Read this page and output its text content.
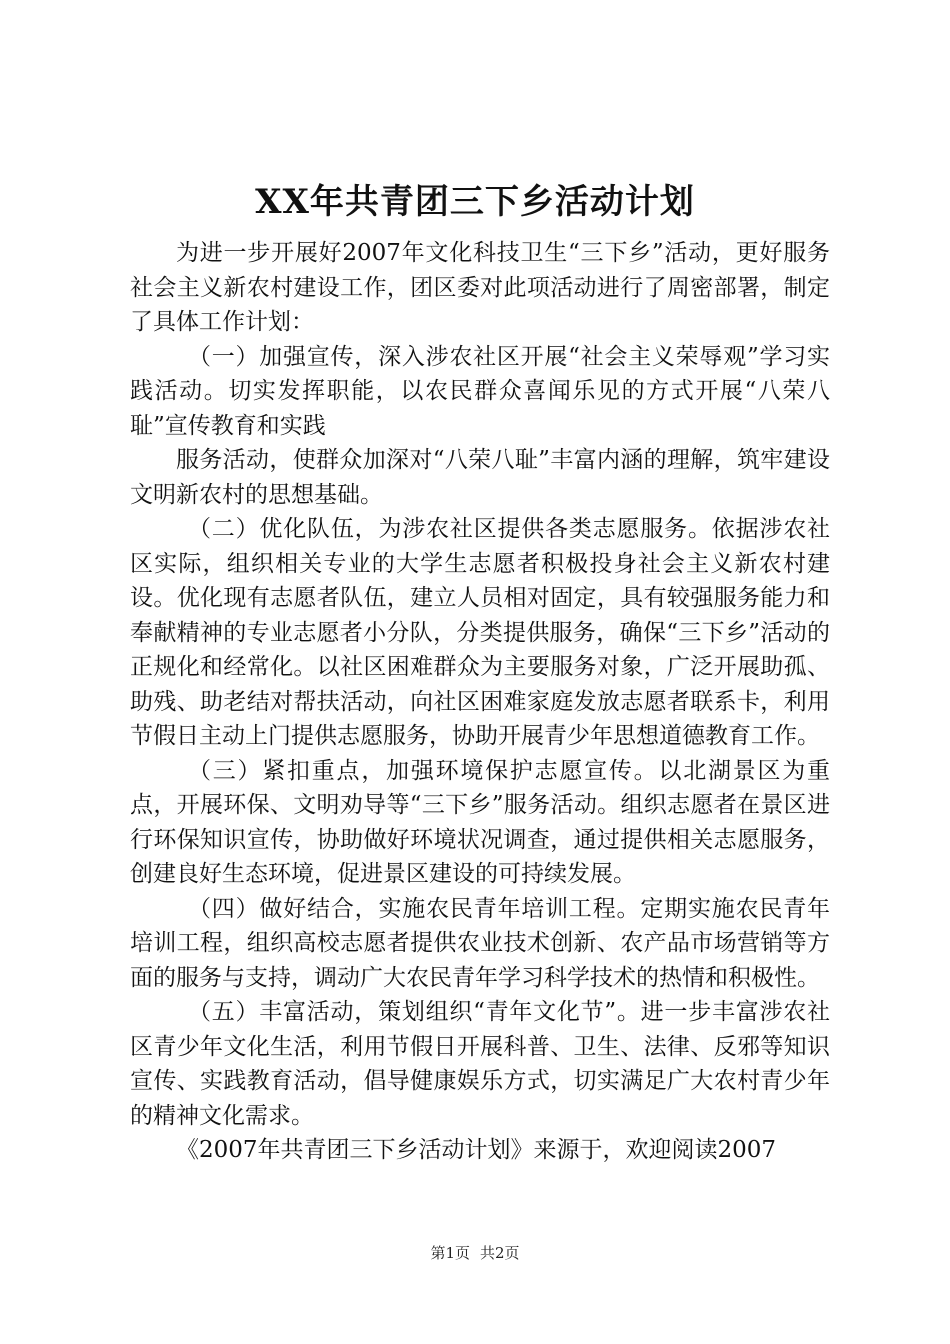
XX年共青团三下乡活动计划

为进一步开展好2007年文化科技卫生“三下乡”活动，更好服务社会主义新农村建设工作，团区委对此项活动进行了周密部署，制定了具体工作计划：

（一）加强宣传，深入涉农社区开展“社会主义荣辱观”学习实践活动。切实发挥职能，以农民群众喜闻乐见的方式开展“八荣八耻”宣传教育和实践

服务活动，使群众加深对“八荣八耻”丰富内涵的理解，筑牢建设文明新农村的思想基础。

（二）优化队伍，为涉农社区提供各类志愿服务。依据涉农社区实际，组织相关专业的大学生志愿者积极投身社会主义新农村建设。优化现有志愿者队伍，建立人员相对固定，具有较强服务能力和奉献精神的专业志愿者小分队，分类提供服务，确保“三下乡”活动的正规化和经常化。以社区困难群众为主要服务对象，广泛开展助孤、助残、助老结对帮扶活动，向社区困难家庭发放志愿者联系卡，利用节假日主动上门提供志愿服务，协助开展青少年思想道德教育工作。

（三）紧扣重点，加强环境保护志愿宣传。以北湖景区为重点，开展环保、文明劝导等“三下乡”服务活动。组织志愿者在景区进行环保知识宣传，协助做好环境状况调查，通过提供相关志愿服务，创建良好生态环境，促进景区建设的可持续发展。

（四）做好结合，实施农民青年培训工程。定期实施农民青年培训工程，组织高校志愿者提供农业技术创新、农产品市场营销等方面的服务与支持，调动广大农民青年学习科学技术的热情和积极性。

（五）丰富活动，策划组织“青年文化节”。进一步丰富涉农社区青少年文化生活，利用节假日开展科普、卫生、法律、反邪等知识宣传、实践教育活动，倡导健康娱乐方式，切实满足广大农村青少年的精神文化需求。

《2007年共青团三下乡活动计划》来源于，欢迎阅读2007

第1页 共2页
